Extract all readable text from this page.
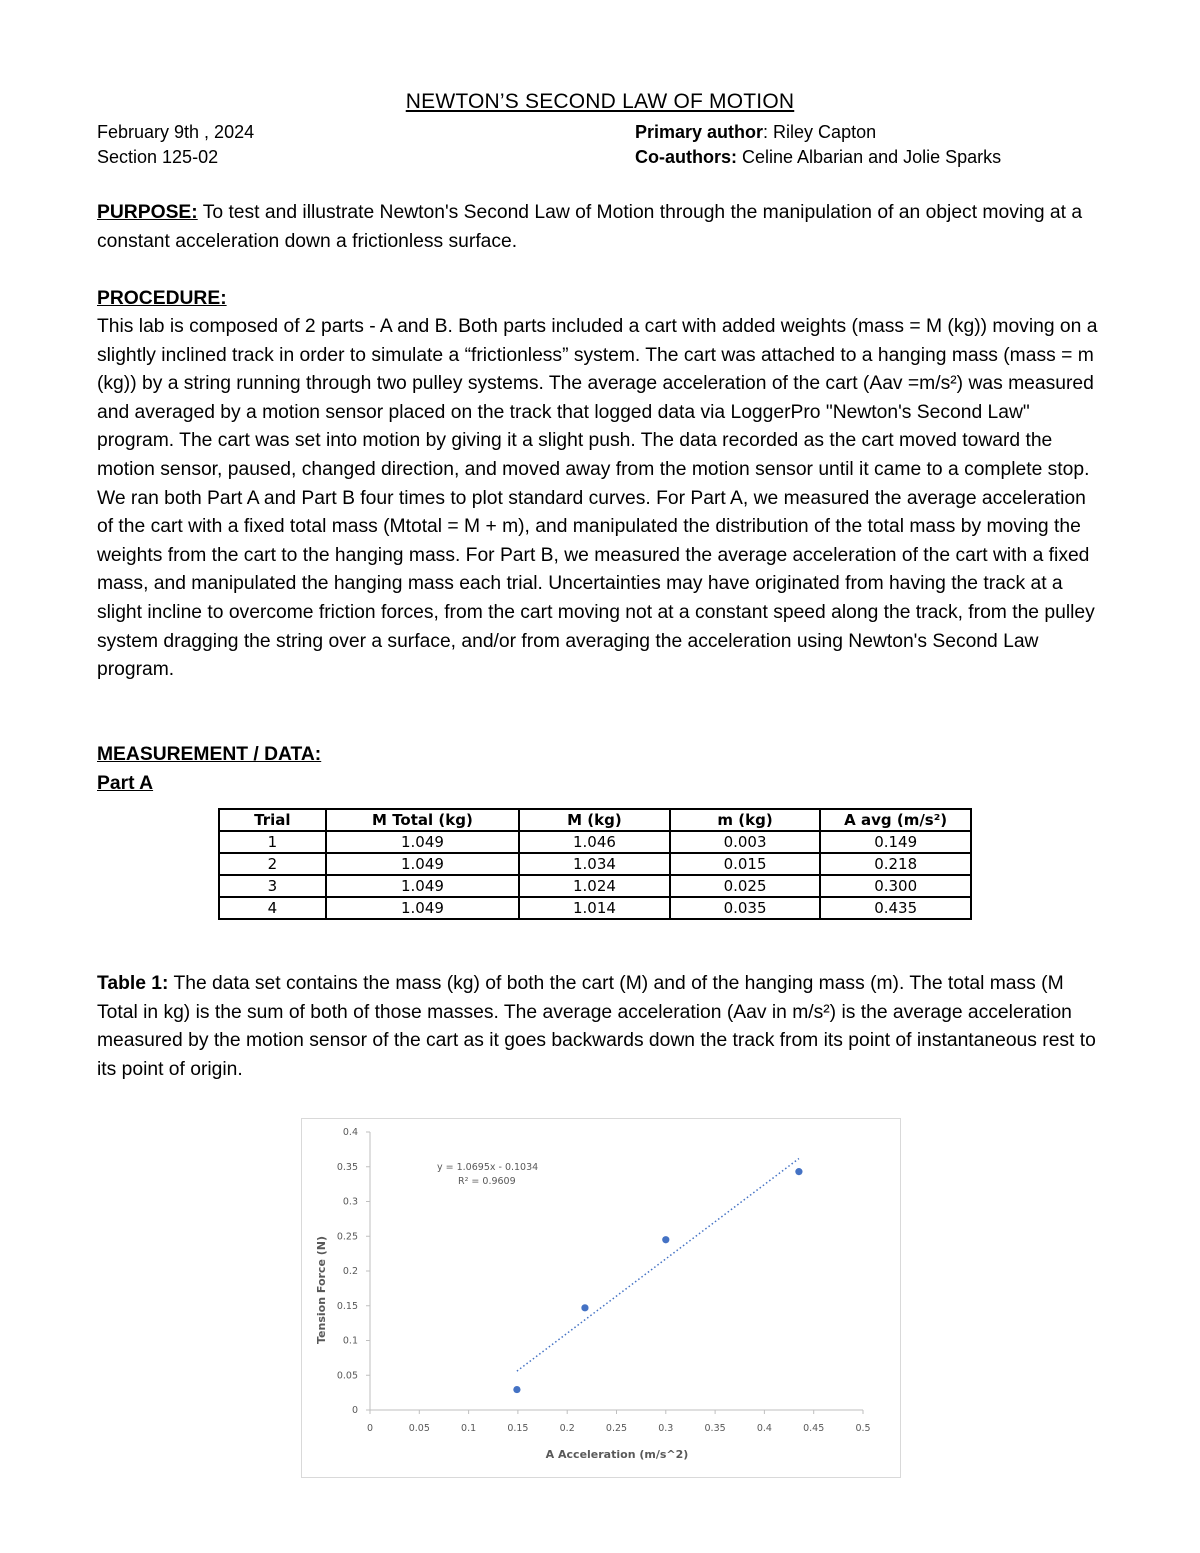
NEWTON’S SECOND LAW OF MOTION
February 9th , 2024
Section 125-02
Primary author: Riley Capton
Co-authors: Celine Albarian and Jolie Sparks
PURPOSE: To test and illustrate Newton's Second Law of Motion through the manipulation of an object moving at a constant acceleration down a frictionless surface.
PROCEDURE:
This lab is composed of 2 parts - A and B. Both parts included a cart with added weights (mass = M (kg)) moving on a slightly inclined track in order to simulate a “frictionless” system. The cart was attached to a hanging mass (mass = m (kg)) by a string running through two pulley systems. The average acceleration of the cart (Aav =m/s²) was measured and averaged by a motion sensor placed on the track that logged data via LoggerPro "Newton's Second Law" program. The cart was set into motion by giving it a slight push. The data recorded as the cart moved toward the motion sensor, paused, changed direction, and moved away from the motion sensor until it came to a complete stop. We ran both Part A and Part B four times to plot standard curves. For Part A, we measured the average acceleration of the cart with a fixed total mass (Mtotal = M + m), and manipulated the distribution of the total mass by moving the weights from the cart to the hanging mass. For Part B, we measured the average acceleration of the cart with a fixed mass, and manipulated the hanging mass each trial. Uncertainties may have originated from having the track at a slight incline to overcome friction forces, from the cart moving not at a constant speed along the track, from the pulley system dragging the string over a surface, and/or from averaging the acceleration using Newton's Second Law program.
MEASUREMENT / DATA:
Part A
Trial	M Total (kg)	M (kg)	m (kg)	A avg (m/s²)
1	1.049	1.046	0.003	0.149
2	1.049	1.034	0.015	0.218
3	1.049	1.024	0.025	0.300
4	1.049	1.014	0.035	0.435
Table 1: The data set contains the mass (kg) of both the cart (M) and of the hanging mass (m). The total mass (M Total in kg) is the sum of both of those masses. The average acceleration (Aav in m/s²) is the average acceleration measured by the motion sensor of the cart as it goes backwards down the track from its point of instantaneous rest to its point of origin.
0
0.05
0.1
0.15
0.2
0.25
0.3
0.35
0.4
0	0.05	0.1	0.15	0.2	0.25	0.3	0.35	0.4	0.45	0.5
y = 1.0695x - 0.1034
R² = 0.9609
A Acceleration (m/s^2)
Tension Force (N)
